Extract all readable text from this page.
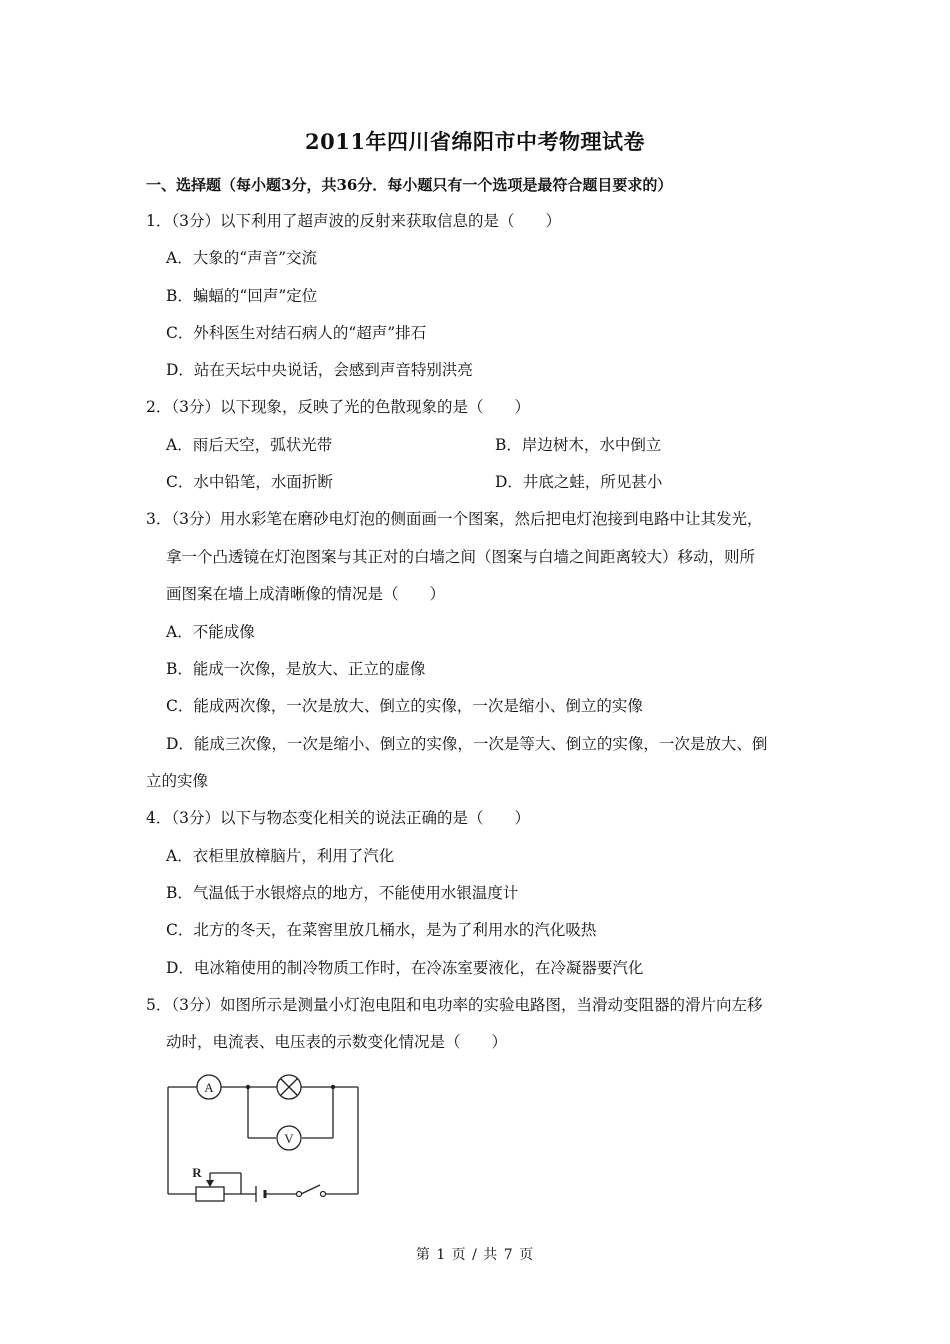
2011年四川省绵阳市中考物理试卷
一、选择题（每小题3分，共36分．每小题只有一个选项是最符合题目要求的）
1．（3分）以下利用了超声波的反射来获取信息的是（　　）
A．大象的“声音”交流
B．蝙蝠的“回声”定位
C．外科医生对结石病人的“超声”排石
D．站在天坛中央说话，会感到声音特别洪亮
2．（3分）以下现象，反映了光的色散现象的是（　　）
A．雨后天空，弧状光带	B．岸边树木，水中倒立
C．水中铅笔，水面折断	D．井底之蛙，所见甚小
3．（3分）用水彩笔在磨砂电灯泡的侧面画一个图案，然后把电灯泡接到电路中让其发光，
拿一个凸透镜在灯泡图案与其正对的白墙之间（图案与白墙之间距离较大）移动，则所
画图案在墙上成清晰像的情况是（　　）
A．不能成像
B．能成一次像，是放大、正立的虚像
C．能成两次像，一次是放大、倒立的实像，一次是缩小、倒立的实像
D．能成三次像，一次是缩小、倒立的实像，一次是等大、倒立的实像，一次是放大、倒
立的实像
4．（3分）以下与物态变化相关的说法正确的是（　　）
A．衣柜里放樟脑片，利用了汽化
B．气温低于水银熔点的地方，不能使用水银温度计
C．北方的冬天，在菜窖里放几桶水，是为了利用水的汽化吸热
D．电冰箱使用的制冷物质工作时，在冷冻室要液化，在冷凝器要汽化
5．（3分）如图所示是测量小灯泡电阻和电功率的实验电路图，当滑动变阻器的滑片向左移
动时，电流表、电压表的示数变化情况是（　　）
A
V
R
第 1 页 / 共 7 页
